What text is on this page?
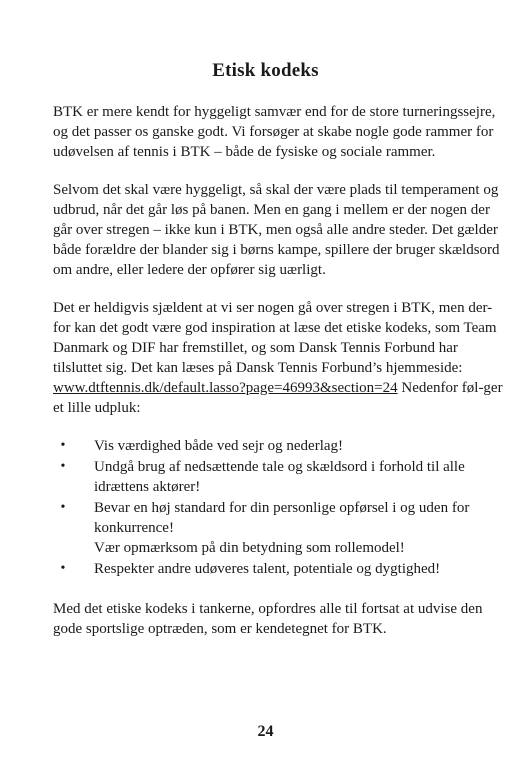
Etisk kodeks

BTK er mere kendt for hyggeligt samvær end for de store turneringssejre, og det passer os ganske godt. Vi forsøger at skabe nogle gode rammer for udøvelsen af tennis i BTK – både de fysiske og sociale rammer.

Selvom det skal være hyggeligt, så skal der være plads til temperament og udbrud, når det går løs på banen. Men en gang i mellem er der nogen der går over stregen – ikke kun i BTK, men også alle andre steder. Det gælder både forældre der blander sig i børns kampe, spillere der bruger skældsord om andre, eller ledere der opfører sig uærligt.

Det er heldigvis sjældent at vi ser nogen gå over stregen i BTK, men der-for kan det godt være god inspiration at læse det etiske kodeks, som Team Danmark og DIF har fremstillet, og som Dansk Tennis Forbund har tilsluttet sig. Det kan læses på Dansk Tennis Forbund’s hjemmeside: www.dtftennis.dk/default.lasso?page=46993&section=24 Nedenfor føl-ger et lille udpluk:

•	Vis værdighed både ved sejr og nederlag!
•	Undgå brug af nedsættende tale og skældsord i forhold til alle idrættens aktører!
•	Bevar en høj standard for din personlige opførsel i og uden for konkurrence!
Vær opmærksom på din betydning som rollemodel!
•	Respekter andre udøveres talent, potentiale og dygtighed!

Med det etiske kodeks i tankerne, opfordres alle til fortsat at udvise den gode sportslige optræden, som er kendetegnet for BTK.

24
